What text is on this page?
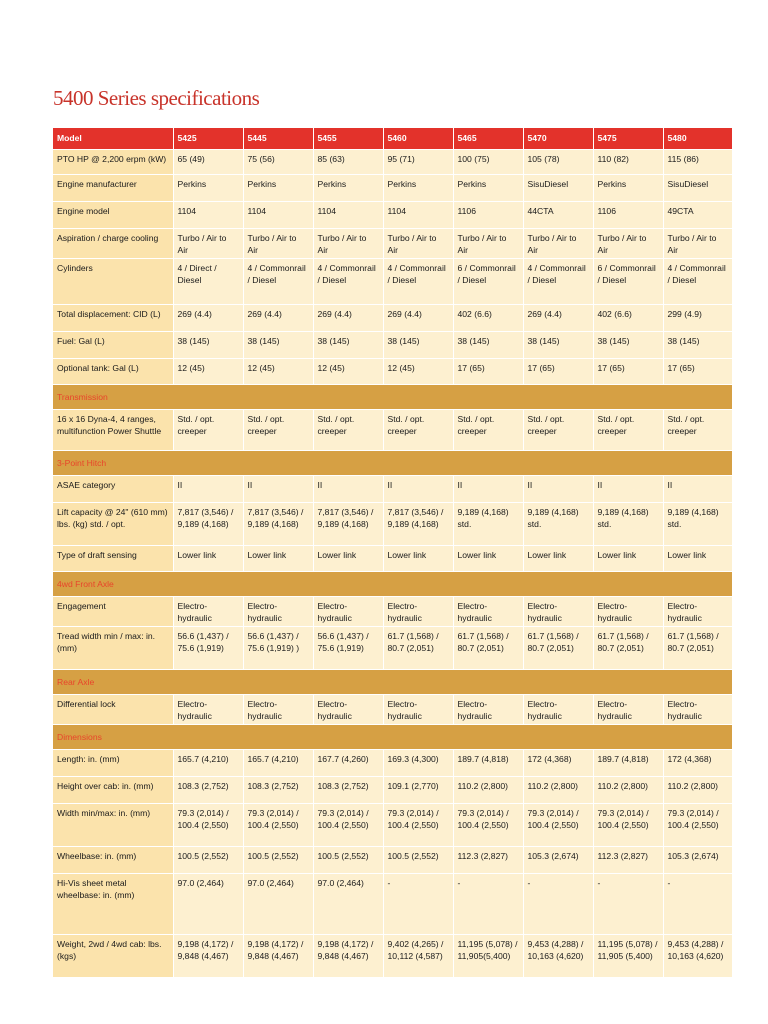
5400 Series specifications
Model	5425	5445	5455	5460	5465	5470	5475	5480
PTO HP @ 2,200 erpm (kW)	65 (49)	75 (56)	85 (63)	95 (71)	100 (75)	105 (78)	110 (82)	115 (86)
Engine manufacturer	Perkins	Perkins	Perkins	Perkins	Perkins	SisuDiesel	Perkins	SisuDiesel
Engine model	1104	1104	1104	1104	1106	44CTA	1106	49CTA
Aspiration / charge cooling	Turbo / Air to Air	Turbo / Air to Air	Turbo / Air to Air	Turbo / Air to Air	Turbo / Air to Air	Turbo / Air to Air	Turbo / Air to Air	Turbo / Air to Air
Cylinders	4 / Direct / Diesel	4 / Commonrail / Diesel	4 / Commonrail / Diesel	4 / Commonrail / Diesel	6 / Commonrail / Diesel	4 / Commonrail / Diesel	6 / Commonrail / Diesel	4 / Commonrail / Diesel
Total displacement: CID (L)	269 (4.4)	269 (4.4)	269 (4.4)	269 (4.4)	402 (6.6)	269 (4.4)	402 (6.6)	299 (4.9)
Fuel: Gal (L)	38 (145)	38 (145)	38 (145)	38 (145)	38 (145)	38 (145)	38 (145)	38 (145)
Optional tank: Gal (L)	12 (45)	12 (45)	12 (45)	12 (45)	17 (65)	17 (65)	17 (65)	17 (65)
Transmission								
16 x 16 Dyna-4, 4 ranges, multifunction Power Shuttle	Std. / opt. creeper	Std. / opt. creeper	Std. / opt. creeper	Std. / opt. creeper	Std. / opt. creeper	Std. / opt. creeper	Std. / opt. creeper	Std. / opt. creeper
3-Point Hitch								
ASAE category	II	II	II	II	II	II	II	II
Lift capacity @ 24" (610 mm) lbs. (kg) std. / opt.	7,817 (3,546) / 9,189 (4,168)	7,817 (3,546) / 9,189 (4,168)	7,817 (3,546) / 9,189 (4,168)	7,817 (3,546) / 9,189 (4,168)	9,189 (4,168) std.	9,189 (4,168) std.	9,189 (4,168) std.	9,189 (4,168) std.
Type of draft sensing	Lower link	Lower link	Lower link	Lower link	Lower link	Lower link	Lower link	Lower link
4wd Front Axle								
Engagement	Electro-hydraulic	Electro-hydraulic	Electro-hydraulic	Electro-hydraulic	Electro-hydraulic	Electro-hydraulic	Electro-hydraulic	Electro-hydraulic
Tread width min / max: in. (mm)	56.6 (1,437) / 75.6 (1,919)	56.6 (1,437) / 75.6 (1,919) )	56.6 (1,437) / 75.6 (1,919)	61.7 (1,568) / 80.7 (2,051)	61.7 (1,568) / 80.7 (2,051)	61.7 (1,568) / 80.7 (2,051)	61.7 (1,568) / 80.7 (2,051)	61.7 (1,568) / 80.7 (2,051)
Rear Axle								
Differential lock	Electro-hydraulic	Electro-hydraulic	Electro-hydraulic	Electro-hydraulic	Electro-hydraulic	Electro-hydraulic	Electro-hydraulic	Electro-hydraulic
Dimensions								
Length: in. (mm)	165.7 (4,210)	165.7 (4,210)	167.7 (4,260)	169.3 (4,300)	189.7 (4,818)	172 (4,368)	189.7 (4,818)	172 (4,368)
Height over cab: in. (mm)	108.3 (2,752)	108.3 (2,752)	108.3 (2,752)	109.1 (2,770)	110.2 (2,800)	110.2 (2,800)	110.2 (2,800)	110.2 (2,800)
Width min/max: in. (mm)	79.3 (2,014) / 100.4 (2,550)	79.3 (2,014) / 100.4 (2,550)	79.3 (2,014) / 100.4 (2,550)	79.3 (2,014) / 100.4 (2,550)	79.3 (2,014) / 100.4 (2,550)	79.3 (2,014) / 100.4 (2,550)	79.3 (2,014) / 100.4 (2,550)	79.3 (2,014) / 100.4 (2,550)
Wheelbase: in. (mm)	100.5 (2,552)	100.5 (2,552)	100.5 (2,552)	100.5 (2,552)	112.3 (2,827)	105.3 (2,674)	112.3 (2,827)	105.3 (2,674)
Hi-Vis sheet metal wheelbase: in. (mm)	97.0 (2,464)	97.0 (2,464)	97.0 (2,464)	-	-	-	-	-
Weight, 2wd / 4wd cab: lbs. (kgs)	9,198 (4,172) / 9,848 (4,467)	9,198 (4,172) / 9,848 (4,467)	9,198 (4,172) / 9,848 (4,467)	9,402 (4,265) / 10,112 (4,587)	11,195 (5,078) / 11,905(5,400)	9,453 (4,288) / 10,163 (4,620)	11,195 (5,078) / 11,905 (5,400)	9,453 (4,288) / 10,163 (4,620)
